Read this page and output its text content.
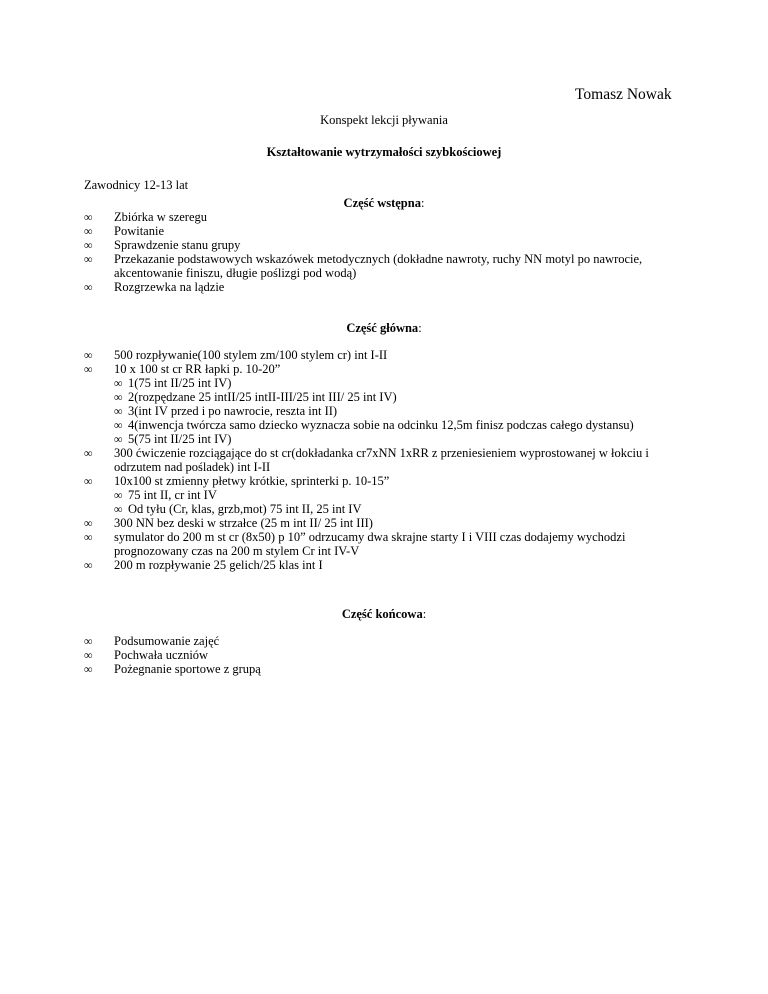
Tomasz Nowak
Konspekt lekcji pływania
Kształtowanie wytrzymałości szybkościowej
Zawodnicy 12-13 lat
Część wstępna:
∞ Zbiórka w szeregu
∞ Powitanie
∞ Sprawdzenie stanu grupy
∞ Przekazanie podstawowych wskazówek metodycznych (dokładne nawroty, ruchy NN motyl po nawrocie, akcentowanie finiszu, długie poślizgi pod wodą)
∞ Rozgrzewka na lądzie
Część główna:
∞ 500 rozpływanie(100 stylem zm/100 stylem cr) int I-II
∞ 10 x 100 st cr RR łapki p. 10-20”
∞ 1(75 int II/25 int IV)
∞ 2(rozpędzane 25 intII/25 intII-III/25 int III/ 25 int IV)
∞ 3(int IV przed i po nawrocie, reszta int II)
∞ 4(inwencja twórcza samo dziecko wyznacza sobie na odcinku 12,5m finisz podczas całego dystansu)
∞ 5(75 int II/25 int IV)
∞ 300 ćwiczenie rozciągające do st cr(dokładanka cr7xNN 1xRR z przeniesieniem wyprostowanej w łokciu i odrzutem nad pośladek) int I-II
∞ 10x100 st zmienny płetwy krótkie, sprinterki p. 10-15”
∞ 75 int II, cr int IV
∞ Od tyłu (Cr, klas, grzb,mot) 75 int II, 25 int IV
∞ 300 NN bez deski w strzałce (25 m int II/ 25 int III)
∞ symulator do 200 m st cr (8x50) p 10” odrzucamy dwa skrajne starty I i VIII czas dodajemy wychodzi prognozowany czas na 200 m stylem Cr int IV-V
∞ 200 m rozpływanie 25 gelich/25 klas int I
Część końcowa:
∞ Podsumowanie zajęć
∞ Pochwała uczniów
∞ Pożegnanie sportowe z grupą
